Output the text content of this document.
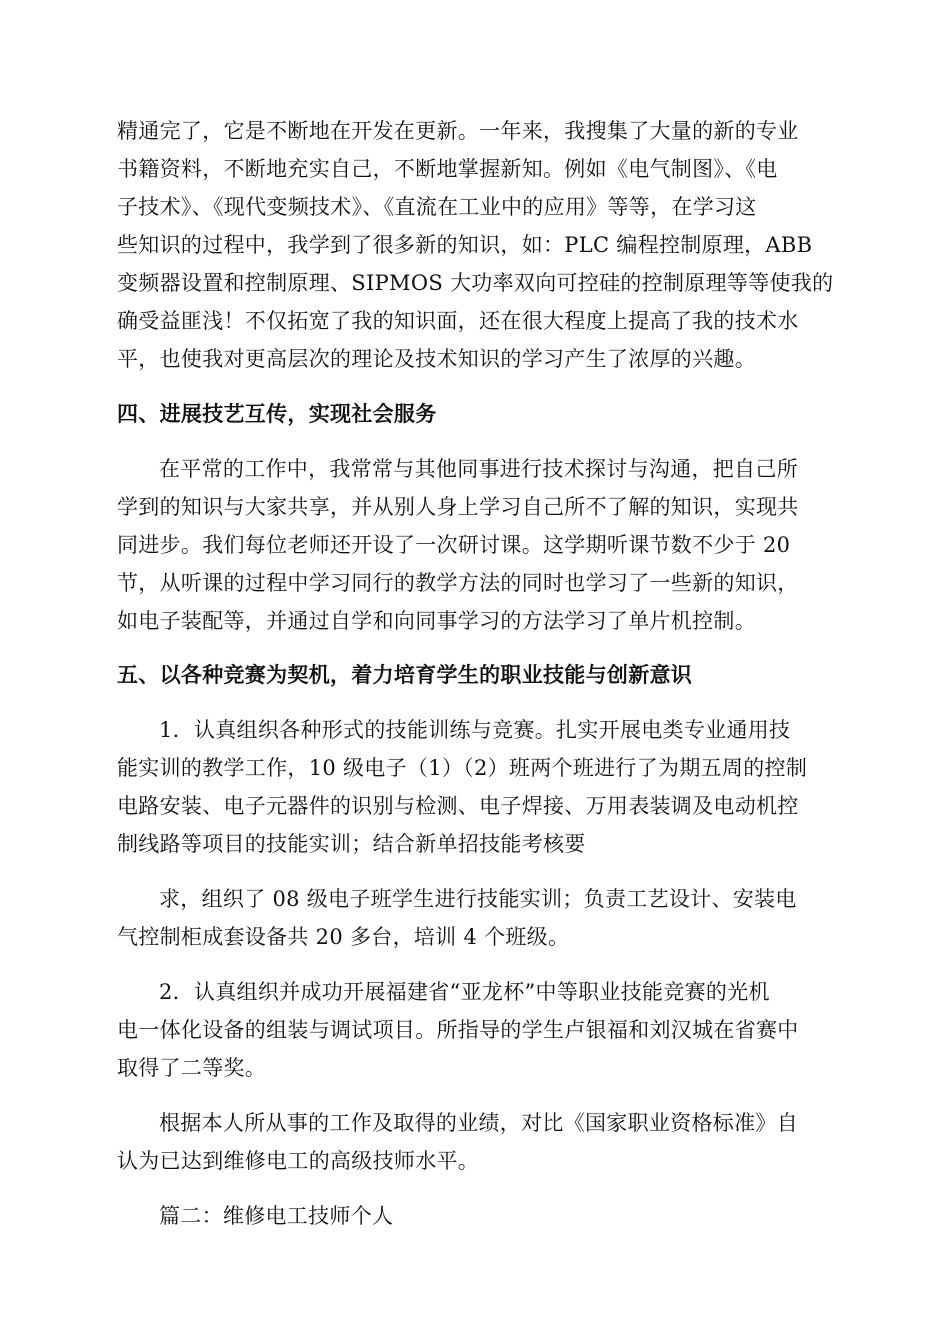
精通完了，它是不断地在开发在更新。一年来，我搜集了大量的新的专业
书籍资料，不断地充实自己，不断地掌握新知。例如《电气制图》、《电
子技术》、《现代变频技术》、《直流在工业中的应用》等等，在学习这
些知识的过程中，我学到了很多新的知识，如：PLC 编程控制原理，ABB
变频器设置和控制原理、SIPMOS 大功率双向可控硅的控制原理等等使我的
确受益匪浅！不仅拓宽了我的知识面，还在很大程度上提高了我的技术水
平，也使我对更高层次的理论及技术知识的学习产生了浓厚的兴趣。
四、进展技艺互传，实现社会服务
在平常的工作中，我常常与其他同事进行技术探讨与沟通，把自己所
学到的知识与大家共享，并从别人身上学习自己所不了解的知识，实现共
同进步。我们每位老师还开设了一次研讨课。这学期听课节数不少于 20
节，从听课的过程中学习同行的教学方法的同时也学习了一些新的知识，
如电子装配等，并通过自学和向同事学习的方法学习了单片机控制。
五、以各种竞赛为契机，着力培育学生的职业技能与创新意识
1．认真组织各种形式的技能训练与竞赛。扎实开展电类专业通用技
能实训的教学工作，10 级电子（1）（2）班两个班进行了为期五周的控制
电路安装、电子元器件的识别与检测、电子焊接、万用表装调及电动机控
制线路等项目的技能实训；结合新单招技能考核要
求，组织了 08 级电子班学生进行技能实训；负责工艺设计、安装电
气控制柜成套设备共 20 多台，培训 4 个班级。
2．认真组织并成功开展福建省“亚龙杯”中等职业技能竞赛的光机
电一体化设备的组装与调试项目。所指导的学生卢银福和刘汉城在省赛中
取得了二等奖。
根据本人所从事的工作及取得的业绩，对比《国家职业资格标准》自
认为已达到维修电工的高级技师水平。
篇二：维修电工技师个人
